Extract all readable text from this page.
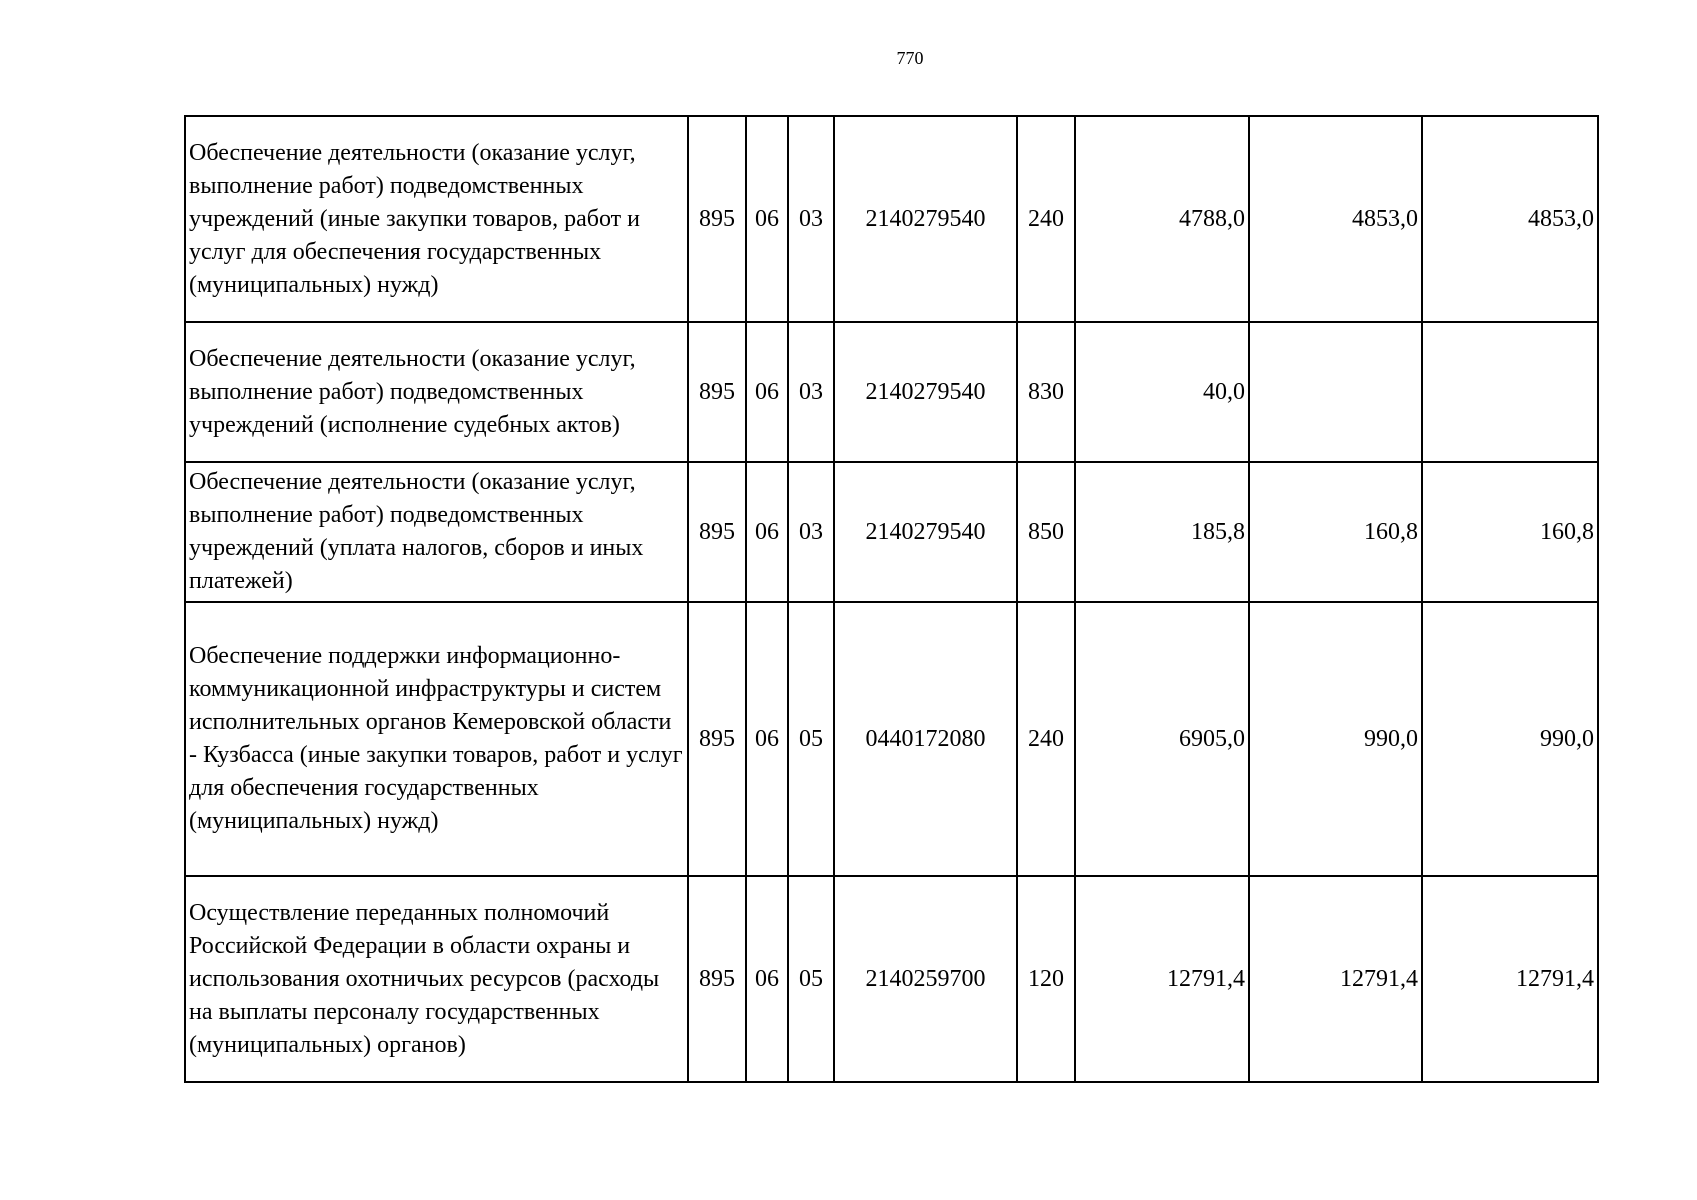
770
Обеспечение деятельности (оказание услуг, выполнение работ) подведомственных учреждений (иные закупки товаров, работ и услуг для обеспечения государственных (муниципальных) нужд)	895	06	03	2140279540	240	4788,0	4853,0	4853,0
Обеспечение деятельности (оказание услуг, выполнение работ) подведомственных учреждений (исполнение судебных актов)	895	06	03	2140279540	830	40,0		
Обеспечение деятельности (оказание услуг, выполнение работ) подведомственных учреждений (уплата налогов, сборов и иных платежей)	895	06	03	2140279540	850	185,8	160,8	160,8
Обеспечение поддержки информационно-коммуникационной инфраструктуры и систем исполнительных органов Кемеровской области - Кузбасса (иные закупки товаров, работ и услуг для обеспечения государственных (муниципальных) нужд)	895	06	05	0440172080	240	6905,0	990,0	990,0
Осуществление переданных полномочий Российской Федерации в области охраны и использования охотничьих ресурсов (расходы на выплаты персоналу государственных (муниципальных) органов)	895	06	05	2140259700	120	12791,4	12791,4	12791,4
